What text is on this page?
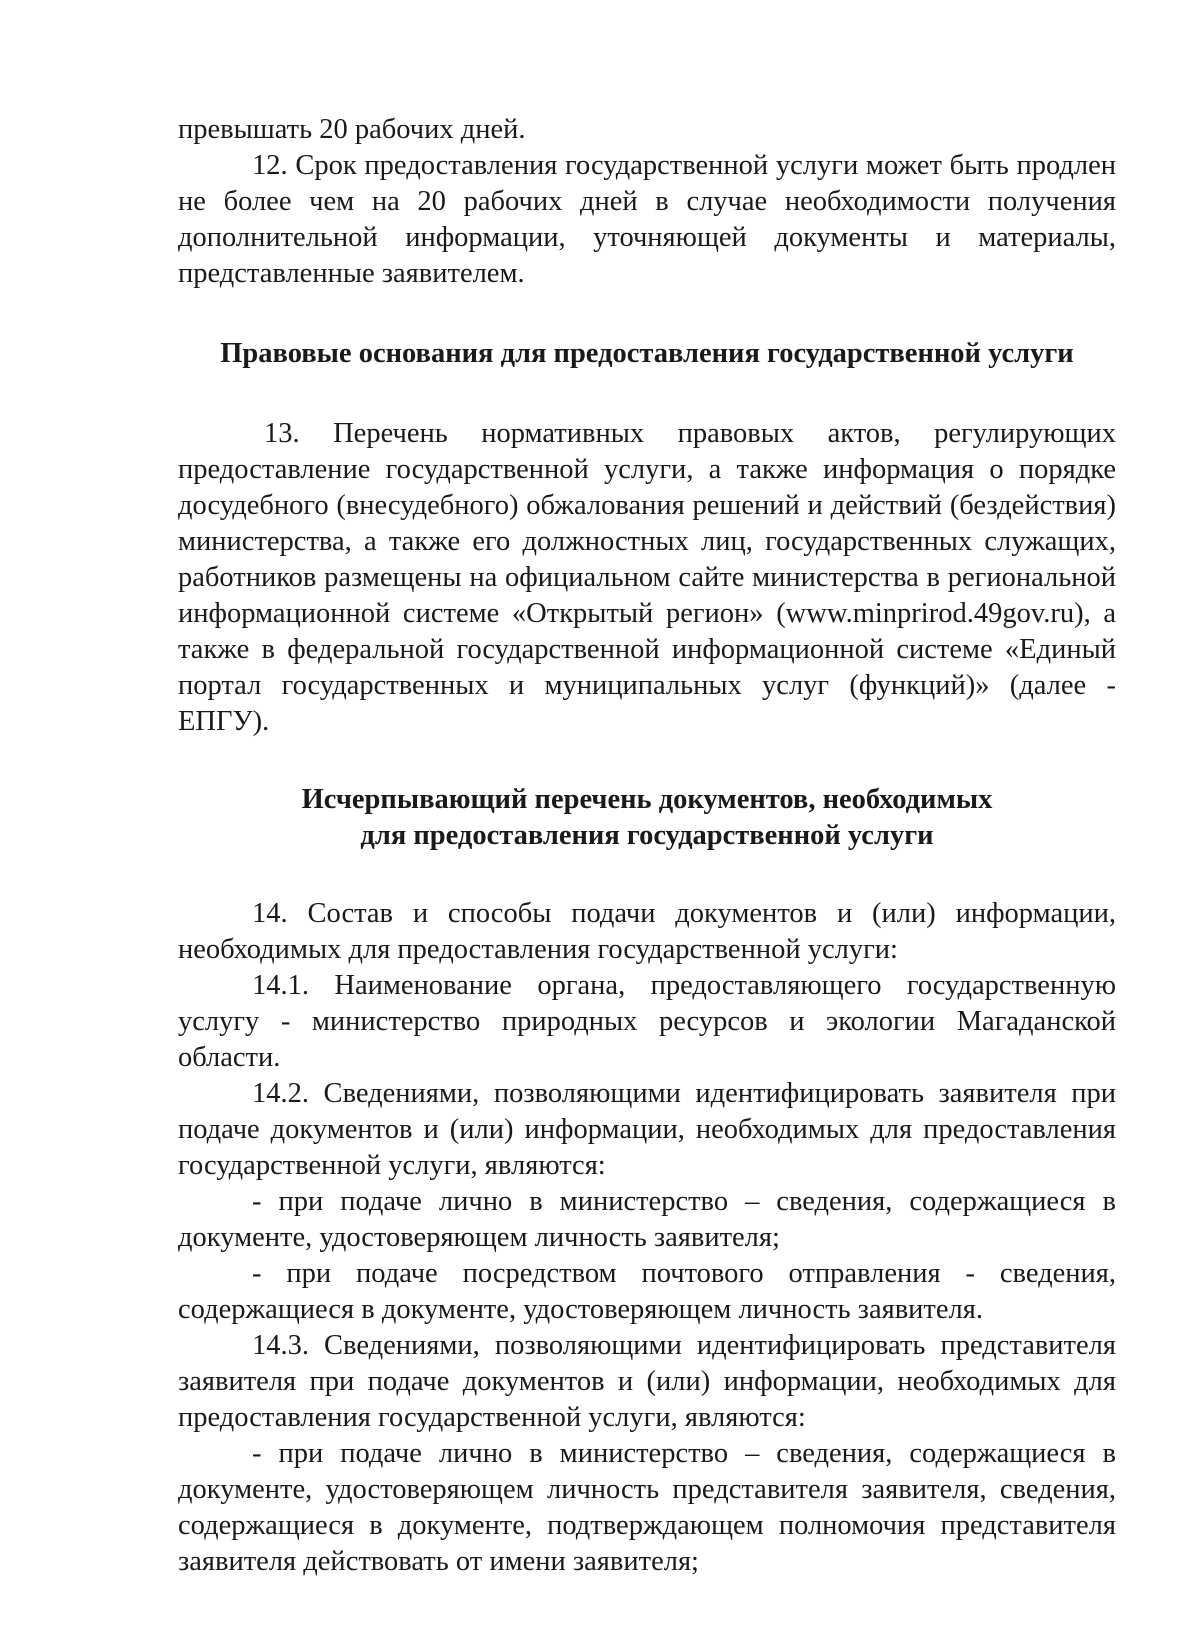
превышать 20 рабочих дней.

12. Срок предоставления государственной услуги может быть продлен не более чем на 20 рабочих дней в случае необходимости получения дополнительной информации, уточняющей документы и материалы, представленные заявителем.

Правовые основания для предоставления государственной услуги

13. Перечень нормативных правовых актов, регулирующих предоставление государственной услуги, а также информация о порядке досудебного (внесудебного) обжалования решений и действий (бездействия) министерства, а также его должностных лиц, государственных служащих, работников размещены на официальном сайте министерства в региональной информационной системе «Открытый регион» (www.minprirod.49gov.ru), а также в федеральной государственной информационной системе «Единый портал государственных и муниципальных услуг (функций)» (далее - ЕПГУ).

Исчерпывающий перечень документов, необходимых
для предоставления государственной услуги

14. Состав и способы подачи документов и (или) информации, необходимых для предоставления государственной услуги:

14.1. Наименование органа, предоставляющего государственную услугу - министерство природных ресурсов и экологии Магаданской области.

14.2. Сведениями, позволяющими идентифицировать заявителя при подаче документов и (или) информации, необходимых для предоставления государственной услуги, являются:

- при подаче лично в министерство – сведения, содержащиеся в документе, удостоверяющем личность заявителя;

- при подаче посредством почтового отправления - сведения, содержащиеся в документе, удостоверяющем личность заявителя.

14.3. Сведениями, позволяющими идентифицировать представителя заявителя при подаче документов и (или) информации, необходимых для предоставления государственной услуги, являются:

- при подаче лично в министерство – сведения, содержащиеся в документе, удостоверяющем личность представителя заявителя, сведения, содержащиеся в документе, подтверждающем полномочия представителя заявителя действовать от имени заявителя;
